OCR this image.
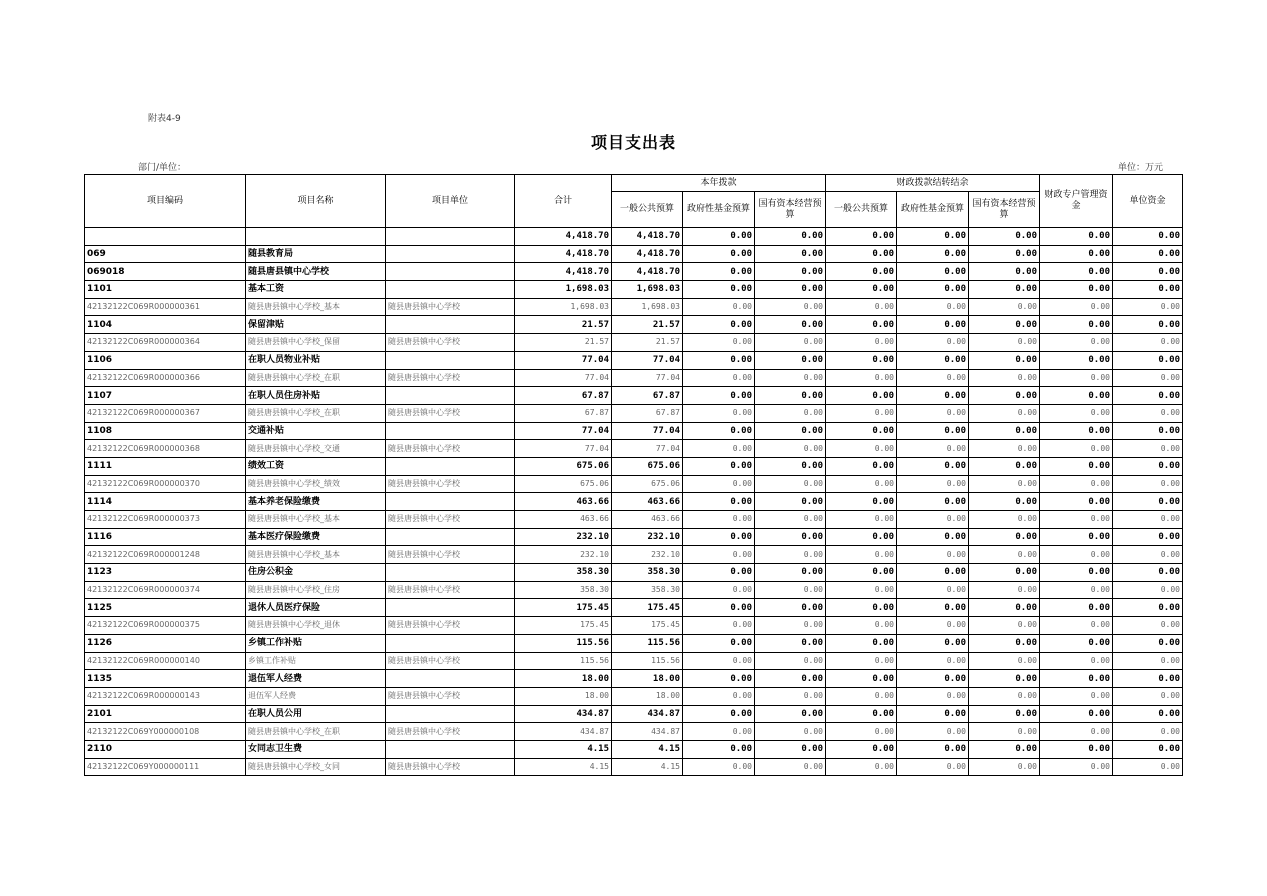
附表4-9
项目支出表
部门/单位：	单位：万元
项目编码	项目名称	项目单位	合计	本年拨款			财政拨款结转结余			财政专户管理资金	单位资金
				一般公共预算	政府性基金预算	国有资本经营预算	一般公共预算	政府性基金预算	国有资本经营预算		
			4,418.70	4,418.70	0.00	0.00	0.00	0.00	0.00	0.00	0.00
069	随县教育局		4,418.70	4,418.70	0.00	0.00	0.00	0.00	0.00	0.00	0.00
069018	随县唐县镇中心学校		4,418.70	4,418.70	0.00	0.00	0.00	0.00	0.00	0.00	0.00
1101	基本工资		1,698.03	1,698.03	0.00	0.00	0.00	0.00	0.00	0.00	0.00
42132122C069R000000361	随县唐县镇中心学校_基本	随县唐县镇中心学校	1,698.03	1,698.03	0.00	0.00	0.00	0.00	0.00	0.00	0.00
1104	保留津贴		21.57	21.57	0.00	0.00	0.00	0.00	0.00	0.00	0.00
42132122C069R000000364	随县唐县镇中心学校_保留	随县唐县镇中心学校	21.57	21.57	0.00	0.00	0.00	0.00	0.00	0.00	0.00
1106	在职人员物业补贴		77.04	77.04	0.00	0.00	0.00	0.00	0.00	0.00	0.00
42132122C069R000000366	随县唐县镇中心学校_在职	随县唐县镇中心学校	77.04	77.04	0.00	0.00	0.00	0.00	0.00	0.00	0.00
1107	在职人员住房补贴		67.87	67.87	0.00	0.00	0.00	0.00	0.00	0.00	0.00
42132122C069R000000367	随县唐县镇中心学校_在职	随县唐县镇中心学校	67.87	67.87	0.00	0.00	0.00	0.00	0.00	0.00	0.00
1108	交通补贴		77.04	77.04	0.00	0.00	0.00	0.00	0.00	0.00	0.00
42132122C069R000000368	随县唐县镇中心学校_交通	随县唐县镇中心学校	77.04	77.04	0.00	0.00	0.00	0.00	0.00	0.00	0.00
1111	绩效工资		675.06	675.06	0.00	0.00	0.00	0.00	0.00	0.00	0.00
42132122C069R000000370	随县唐县镇中心学校_绩效	随县唐县镇中心学校	675.06	675.06	0.00	0.00	0.00	0.00	0.00	0.00	0.00
1114	基本养老保险缴费		463.66	463.66	0.00	0.00	0.00	0.00	0.00	0.00	0.00
42132122C069R000000373	随县唐县镇中心学校_基本	随县唐县镇中心学校	463.66	463.66	0.00	0.00	0.00	0.00	0.00	0.00	0.00
1116	基本医疗保险缴费		232.10	232.10	0.00	0.00	0.00	0.00	0.00	0.00	0.00
42132122C069R000001248	随县唐县镇中心学校_基本	随县唐县镇中心学校	232.10	232.10	0.00	0.00	0.00	0.00	0.00	0.00	0.00
1123	住房公积金		358.30	358.30	0.00	0.00	0.00	0.00	0.00	0.00	0.00
42132122C069R000000374	随县唐县镇中心学校_住房	随县唐县镇中心学校	358.30	358.30	0.00	0.00	0.00	0.00	0.00	0.00	0.00
1125	退休人员医疗保险		175.45	175.45	0.00	0.00	0.00	0.00	0.00	0.00	0.00
42132122C069R000000375	随县唐县镇中心学校_退休	随县唐县镇中心学校	175.45	175.45	0.00	0.00	0.00	0.00	0.00	0.00	0.00
1126	乡镇工作补贴		115.56	115.56	0.00	0.00	0.00	0.00	0.00	0.00	0.00
42132122C069R000000140	乡镇工作补贴	随县唐县镇中心学校	115.56	115.56	0.00	0.00	0.00	0.00	0.00	0.00	0.00
1135	退伍军人经费		18.00	18.00	0.00	0.00	0.00	0.00	0.00	0.00	0.00
42132122C069R000000143	退伍军人经费	随县唐县镇中心学校	18.00	18.00	0.00	0.00	0.00	0.00	0.00	0.00	0.00
2101	在职人员公用		434.87	434.87	0.00	0.00	0.00	0.00	0.00	0.00	0.00
42132122C069Y000000108	随县唐县镇中心学校_在职	随县唐县镇中心学校	434.87	434.87	0.00	0.00	0.00	0.00	0.00	0.00	0.00
2110	女同志卫生费		4.15	4.15	0.00	0.00	0.00	0.00	0.00	0.00	0.00
42132122C069Y000000111	随县唐县镇中心学校_女同	随县唐县镇中心学校	4.15	4.15	0.00	0.00	0.00	0.00	0.00	0.00	0.00
